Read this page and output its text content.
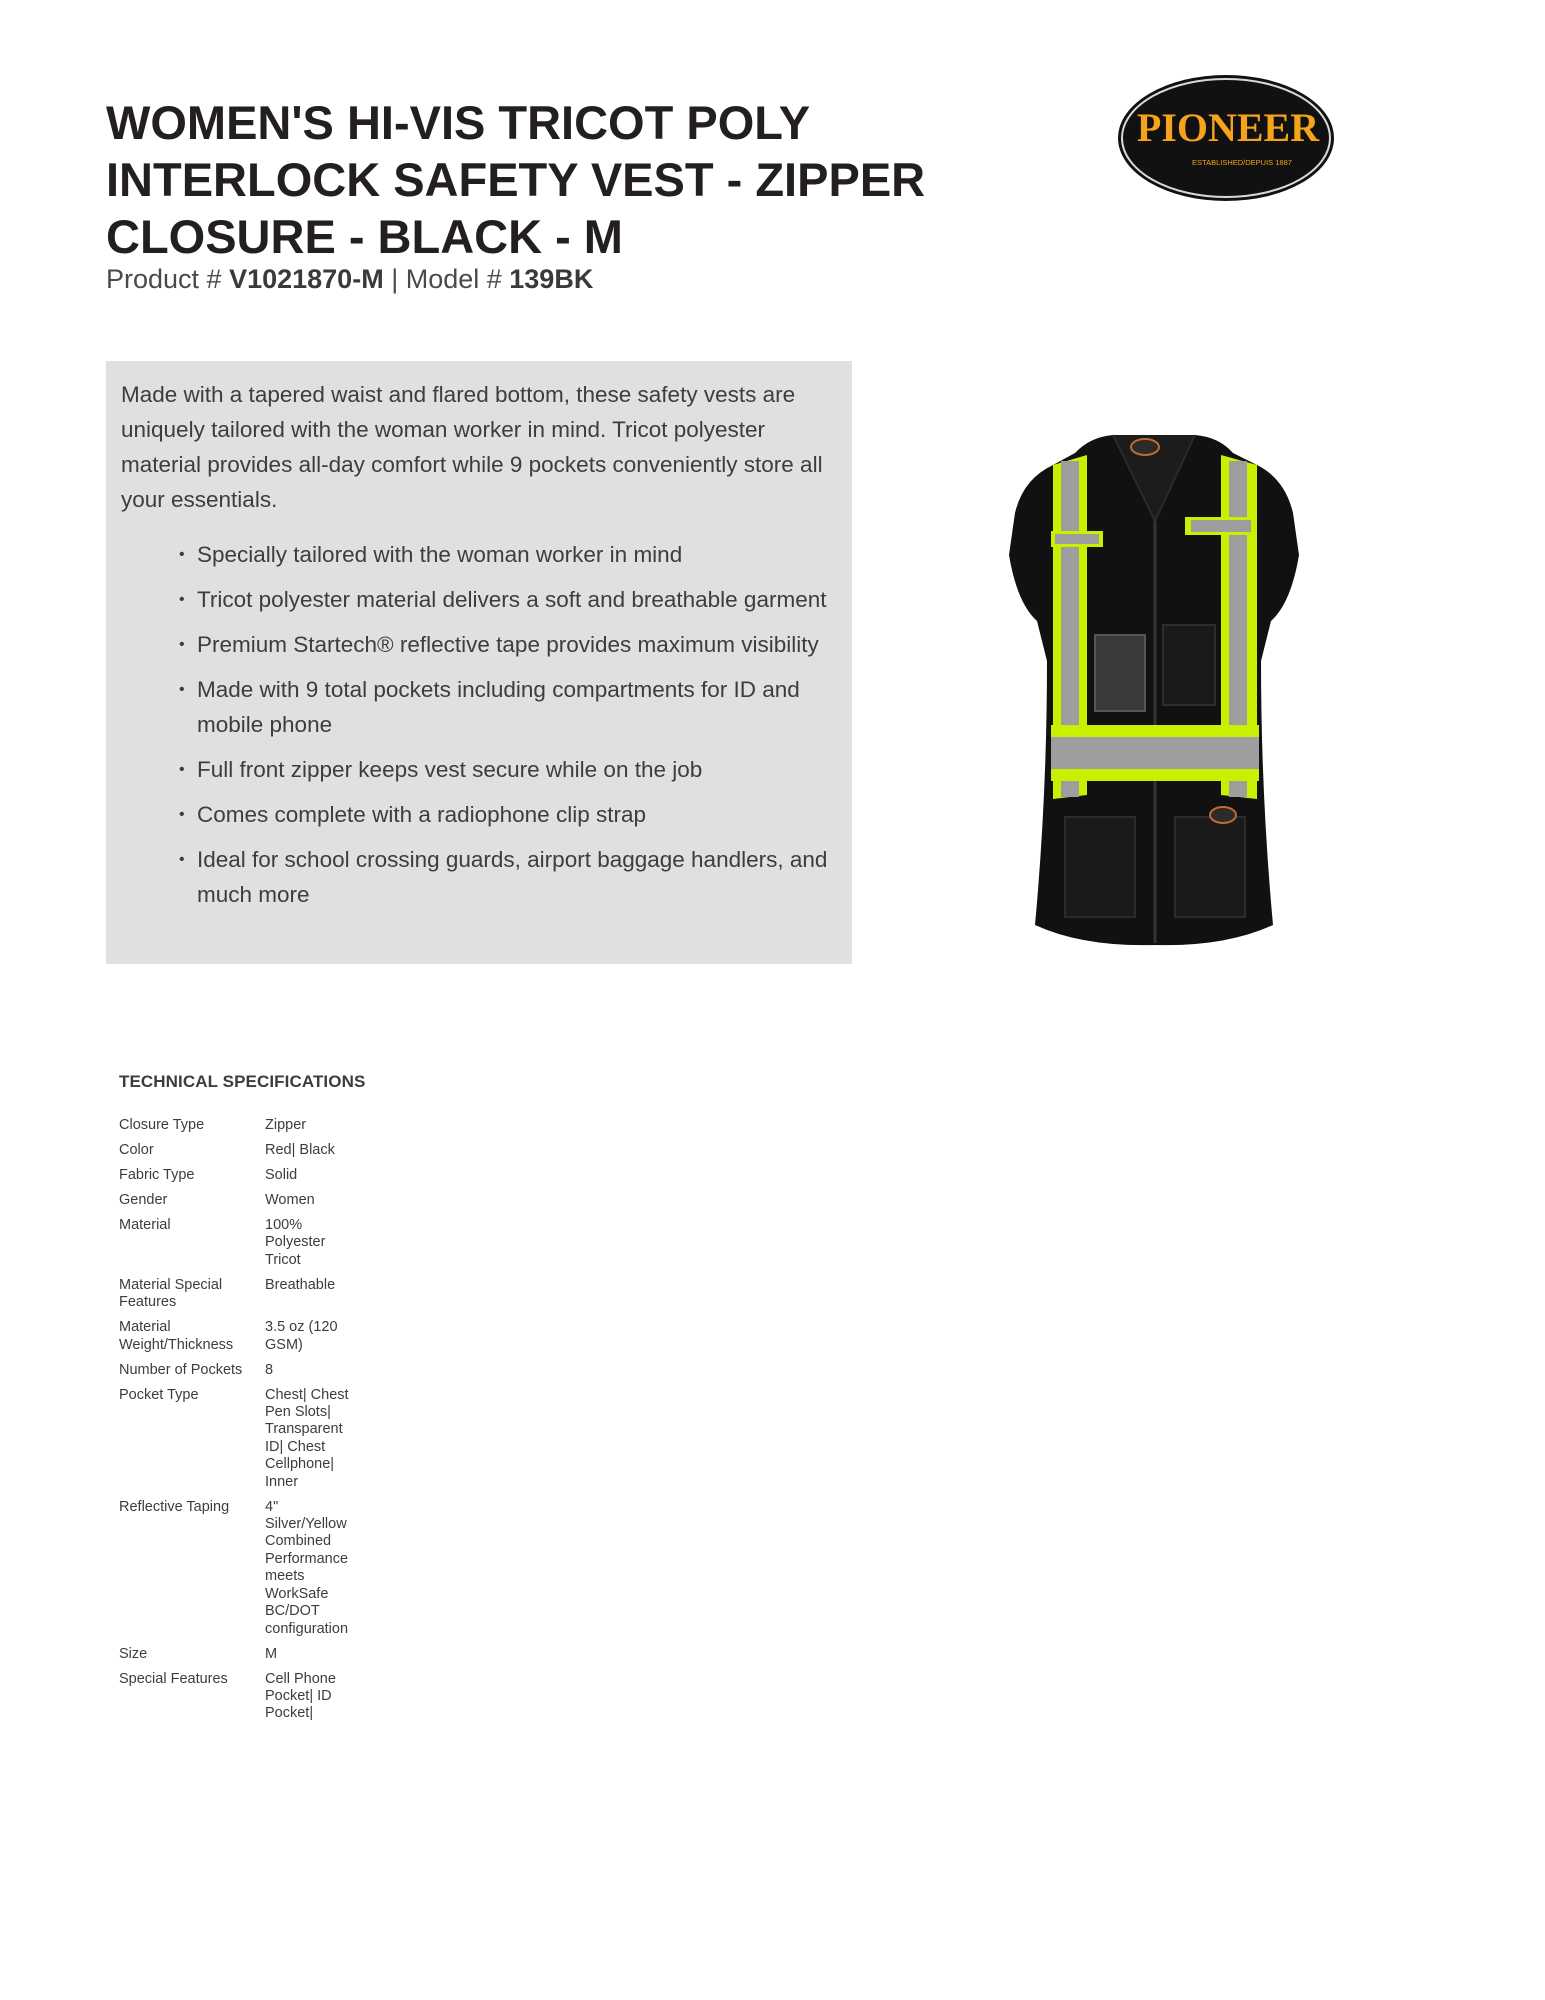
WOMEN'S HI-VIS TRICOT POLY INTERLOCK SAFETY VEST - ZIPPER CLOSURE - BLACK - M
Product # V1021870-M | Model # 139BK
PIONEER
ESTABLISHED/DEPUIS 1887

Made with a tapered waist and flared bottom, these safety vests are uniquely tailored with the woman worker in mind. Tricot polyester material provides all-day comfort while 9 pockets conveniently store all your essentials.

• Specially tailored with the woman worker in mind
• Tricot polyester material delivers a soft and breathable garment
• Premium Startech® reflective tape provides maximum visibility
• Made with 9 total pockets including compartments for ID and mobile phone
• Full front zipper keeps vest secure while on the job
• Comes complete with a radiophone clip strap
• Ideal for school crossing guards, airport baggage handlers, and much more
TECHNICAL SPECIFICATIONS
Closure Type	Zipper
Color	Red| Black
Fabric Type	Solid
Gender	Women
Material	100% Polyester Tricot
Material Special Features	Breathable
Material Weight/Thickness	3.5 oz (120 GSM)
Number of Pockets	8
Pocket Type	Chest| Chest Pen Slots| Transparent ID| Chest Cellphone| Inner
Reflective Taping	4" Silver/Yellow Combined Performance meets WorkSafe BC/DOT configuration
Size	M
Special Features	Cell Phone Pocket| ID Pocket|
